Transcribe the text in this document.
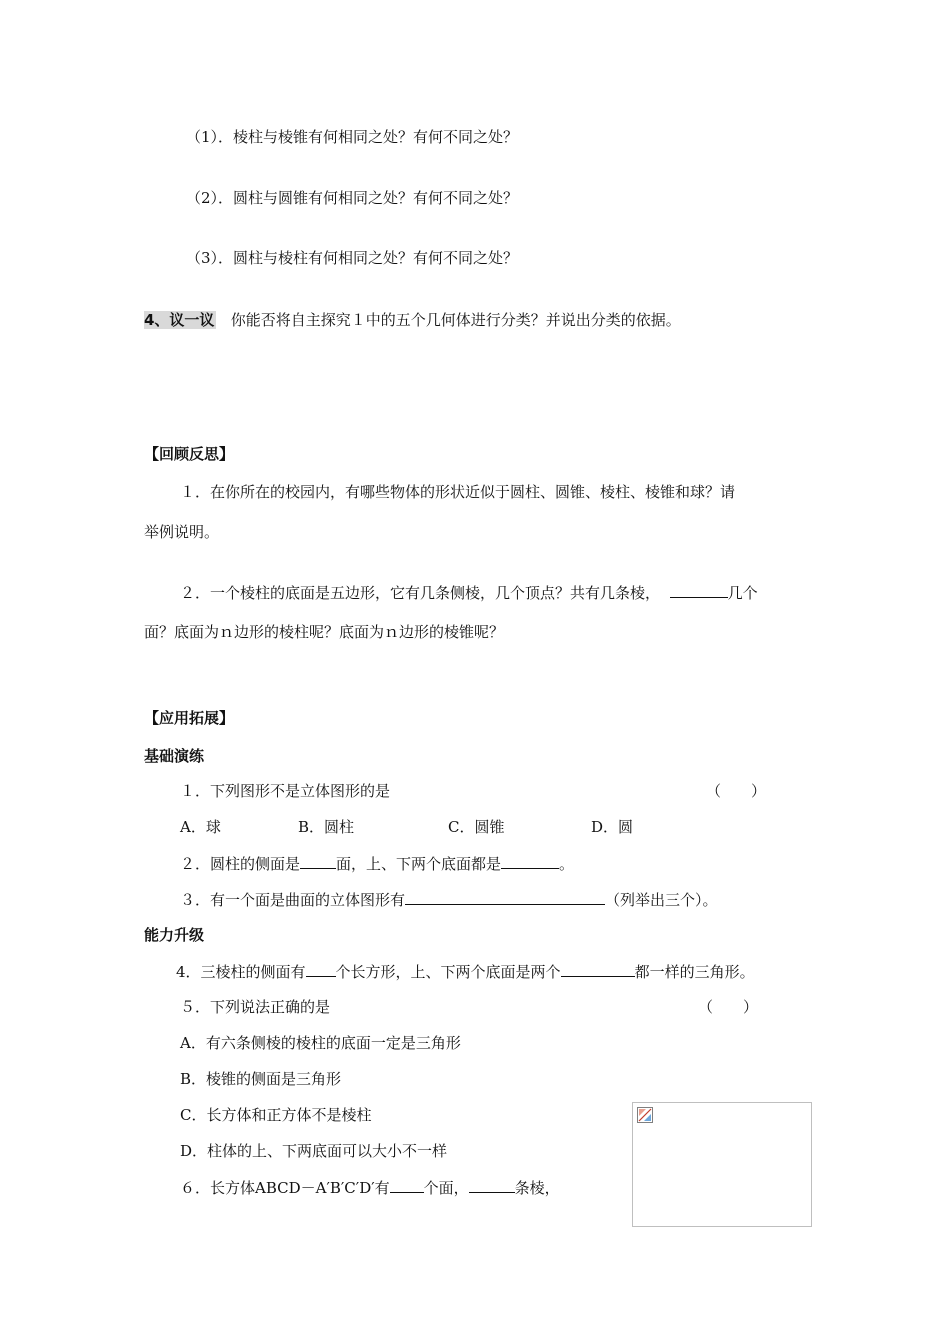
（1）．棱柱与棱锥有何相同之处？有何不同之处？
（2）．圆柱与圆锥有何相同之处？有何不同之处？
（3）．圆柱与棱柱有何相同之处？有何不同之处？
4、议一议 你能否将自主探究１中的五个几何体进行分类？并说出分类的依据。
【回顾反思】
１．在你所在的校园内，有哪些物体的形状近似于圆柱、圆锥、棱柱、棱锥和球？请
举例说明。
２．一个棱柱的底面是五边形，它有几条侧棱，几个顶点？共有几条棱，	几个
面？底面为ｎ边形的棱柱呢？底面为ｎ边形的棱锥呢？
【应用拓展】
基础演练
１．下列图形不是立体图形的是	（　　）
A．球	B．圆柱	C．圆锥	D．圆
２．圆柱的侧面是 面，上、下两个底面都是	。
３．有一个面是曲面的立体图形有	（列举出三个）。
能力升级
4．三棱柱的侧面有 个长方形，上、下两个底面是两个	都一样的三角形。
５．下列说法正确的是	（　　）
A．有六条侧棱的棱柱的底面一定是三角形
B．棱锥的侧面是三角形
C．长方体和正方体不是棱柱
D．柱体的上、下两底面可以大小不一样
６．长方体ABCD－A′B′C′D′有 个面，	条棱，
